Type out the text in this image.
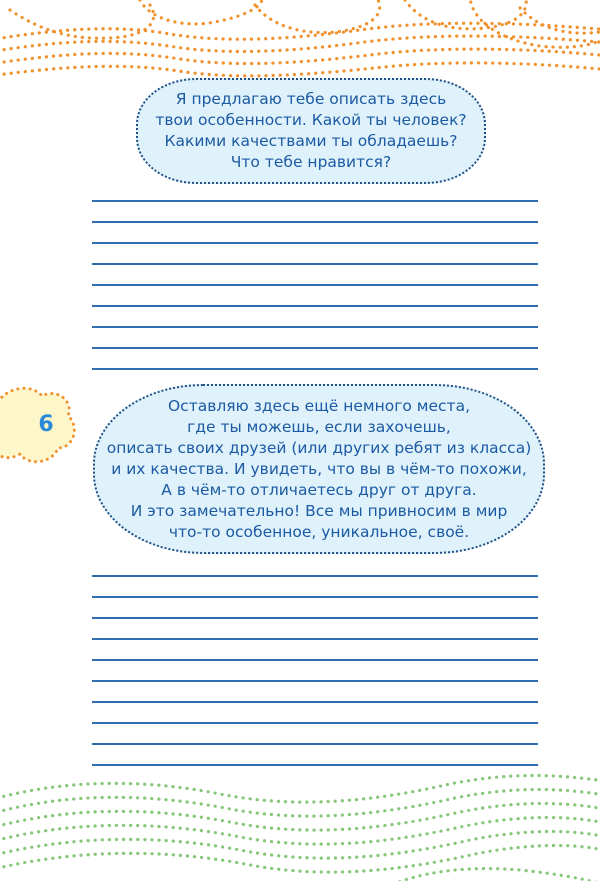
Я предлагаю тебе описать здесь
твои особенности. Какой ты человек?
Какими качествами ты обладаешь?
Что тебе нравится?
6
Оставляю здесь ещё немного места,
где ты можешь, если захочешь,
описать своих друзей (или других ребят из класса)
и их качества. И увидеть, что вы в чём-то похожи,
А в чём-то отличаетесь друг от друга.
И это замечательно! Все мы привносим в мир
что-то особенное, уникальное, своё.
